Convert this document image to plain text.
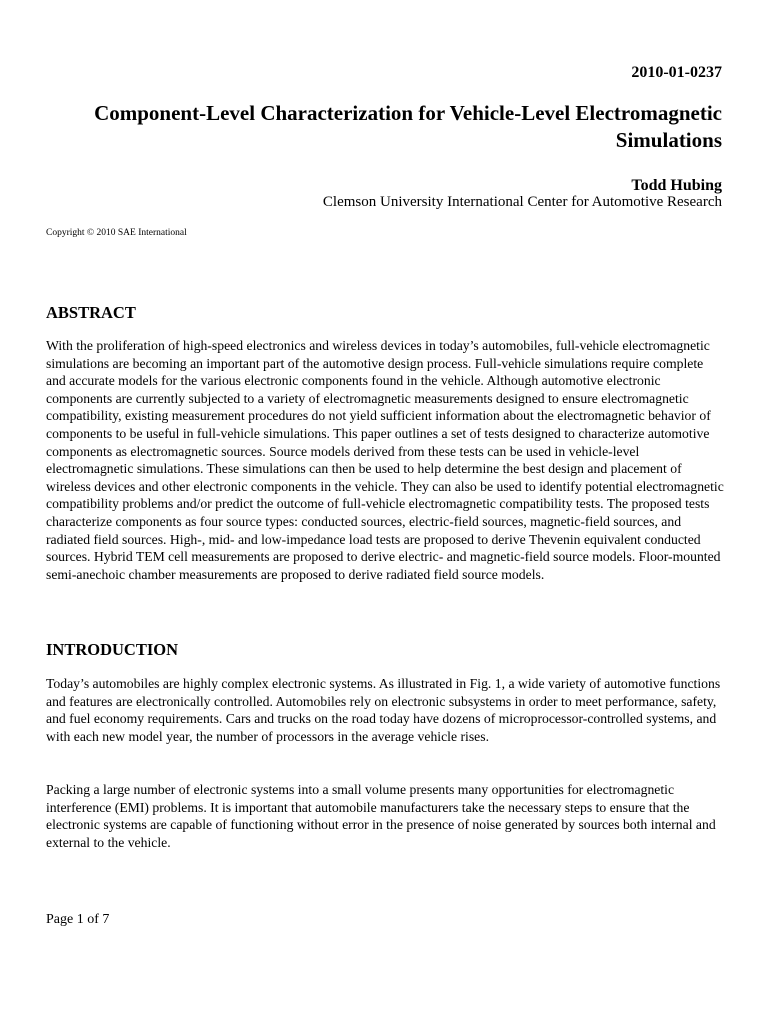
2010-01-0237
Component-Level Characterization for Vehicle-Level Electromagnetic Simulations
Todd Hubing
Clemson University International Center for Automotive Research
Copyright © 2010 SAE International
ABSTRACT

With the proliferation of high-speed electronics and wireless devices in today’s automobiles, full-vehicle electromagnetic simulations are becoming an important part of the automotive design process. Full-vehicle simulations require complete and accurate models for the various electronic components found in the vehicle. Although automotive electronic components are currently subjected to a variety of electromagnetic measurements designed to ensure electromagnetic compatibility, existing measurement procedures do not yield sufficient information about the electromagnetic behavior of components to be useful in full-vehicle simulations. This paper outlines a set of tests designed to characterize automotive components as electromagnetic sources. Source models derived from these tests can be used in vehicle-level electromagnetic simulations. These simulations can then be used to help determine the best design and placement of wireless devices and other electronic components in the vehicle. They can also be used to identify potential electromagnetic compatibility problems and/or predict the outcome of full-vehicle electromagnetic compatibility tests. The proposed tests characterize components as four source types: conducted sources, electric-field sources, magnetic-field sources, and radiated field sources. High-, mid- and low-impedance load tests are proposed to derive Thevenin equivalent conducted sources. Hybrid TEM cell measurements are proposed to derive electric- and magnetic-field source models. Floor-mounted semi-anechoic chamber measurements are proposed to derive radiated field source models.

INTRODUCTION

Today’s automobiles are highly complex electronic systems. As illustrated in Fig. 1, a wide variety of automotive functions and features are electronically controlled. Automobiles rely on electronic subsystems in order to meet performance, safety, and fuel economy requirements. Cars and trucks on the road today have dozens of microprocessor-controlled systems, and with each new model year, the number of processors in the average vehicle rises.

Packing a large number of electronic systems into a small volume presents many opportunities for electromagnetic interference (EMI) problems. It is important that automobile manufacturers take the necessary steps to ensure that the electronic systems are capable of functioning without error in the presence of noise generated by sources both internal and external to the vehicle.

Page 1 of 7
